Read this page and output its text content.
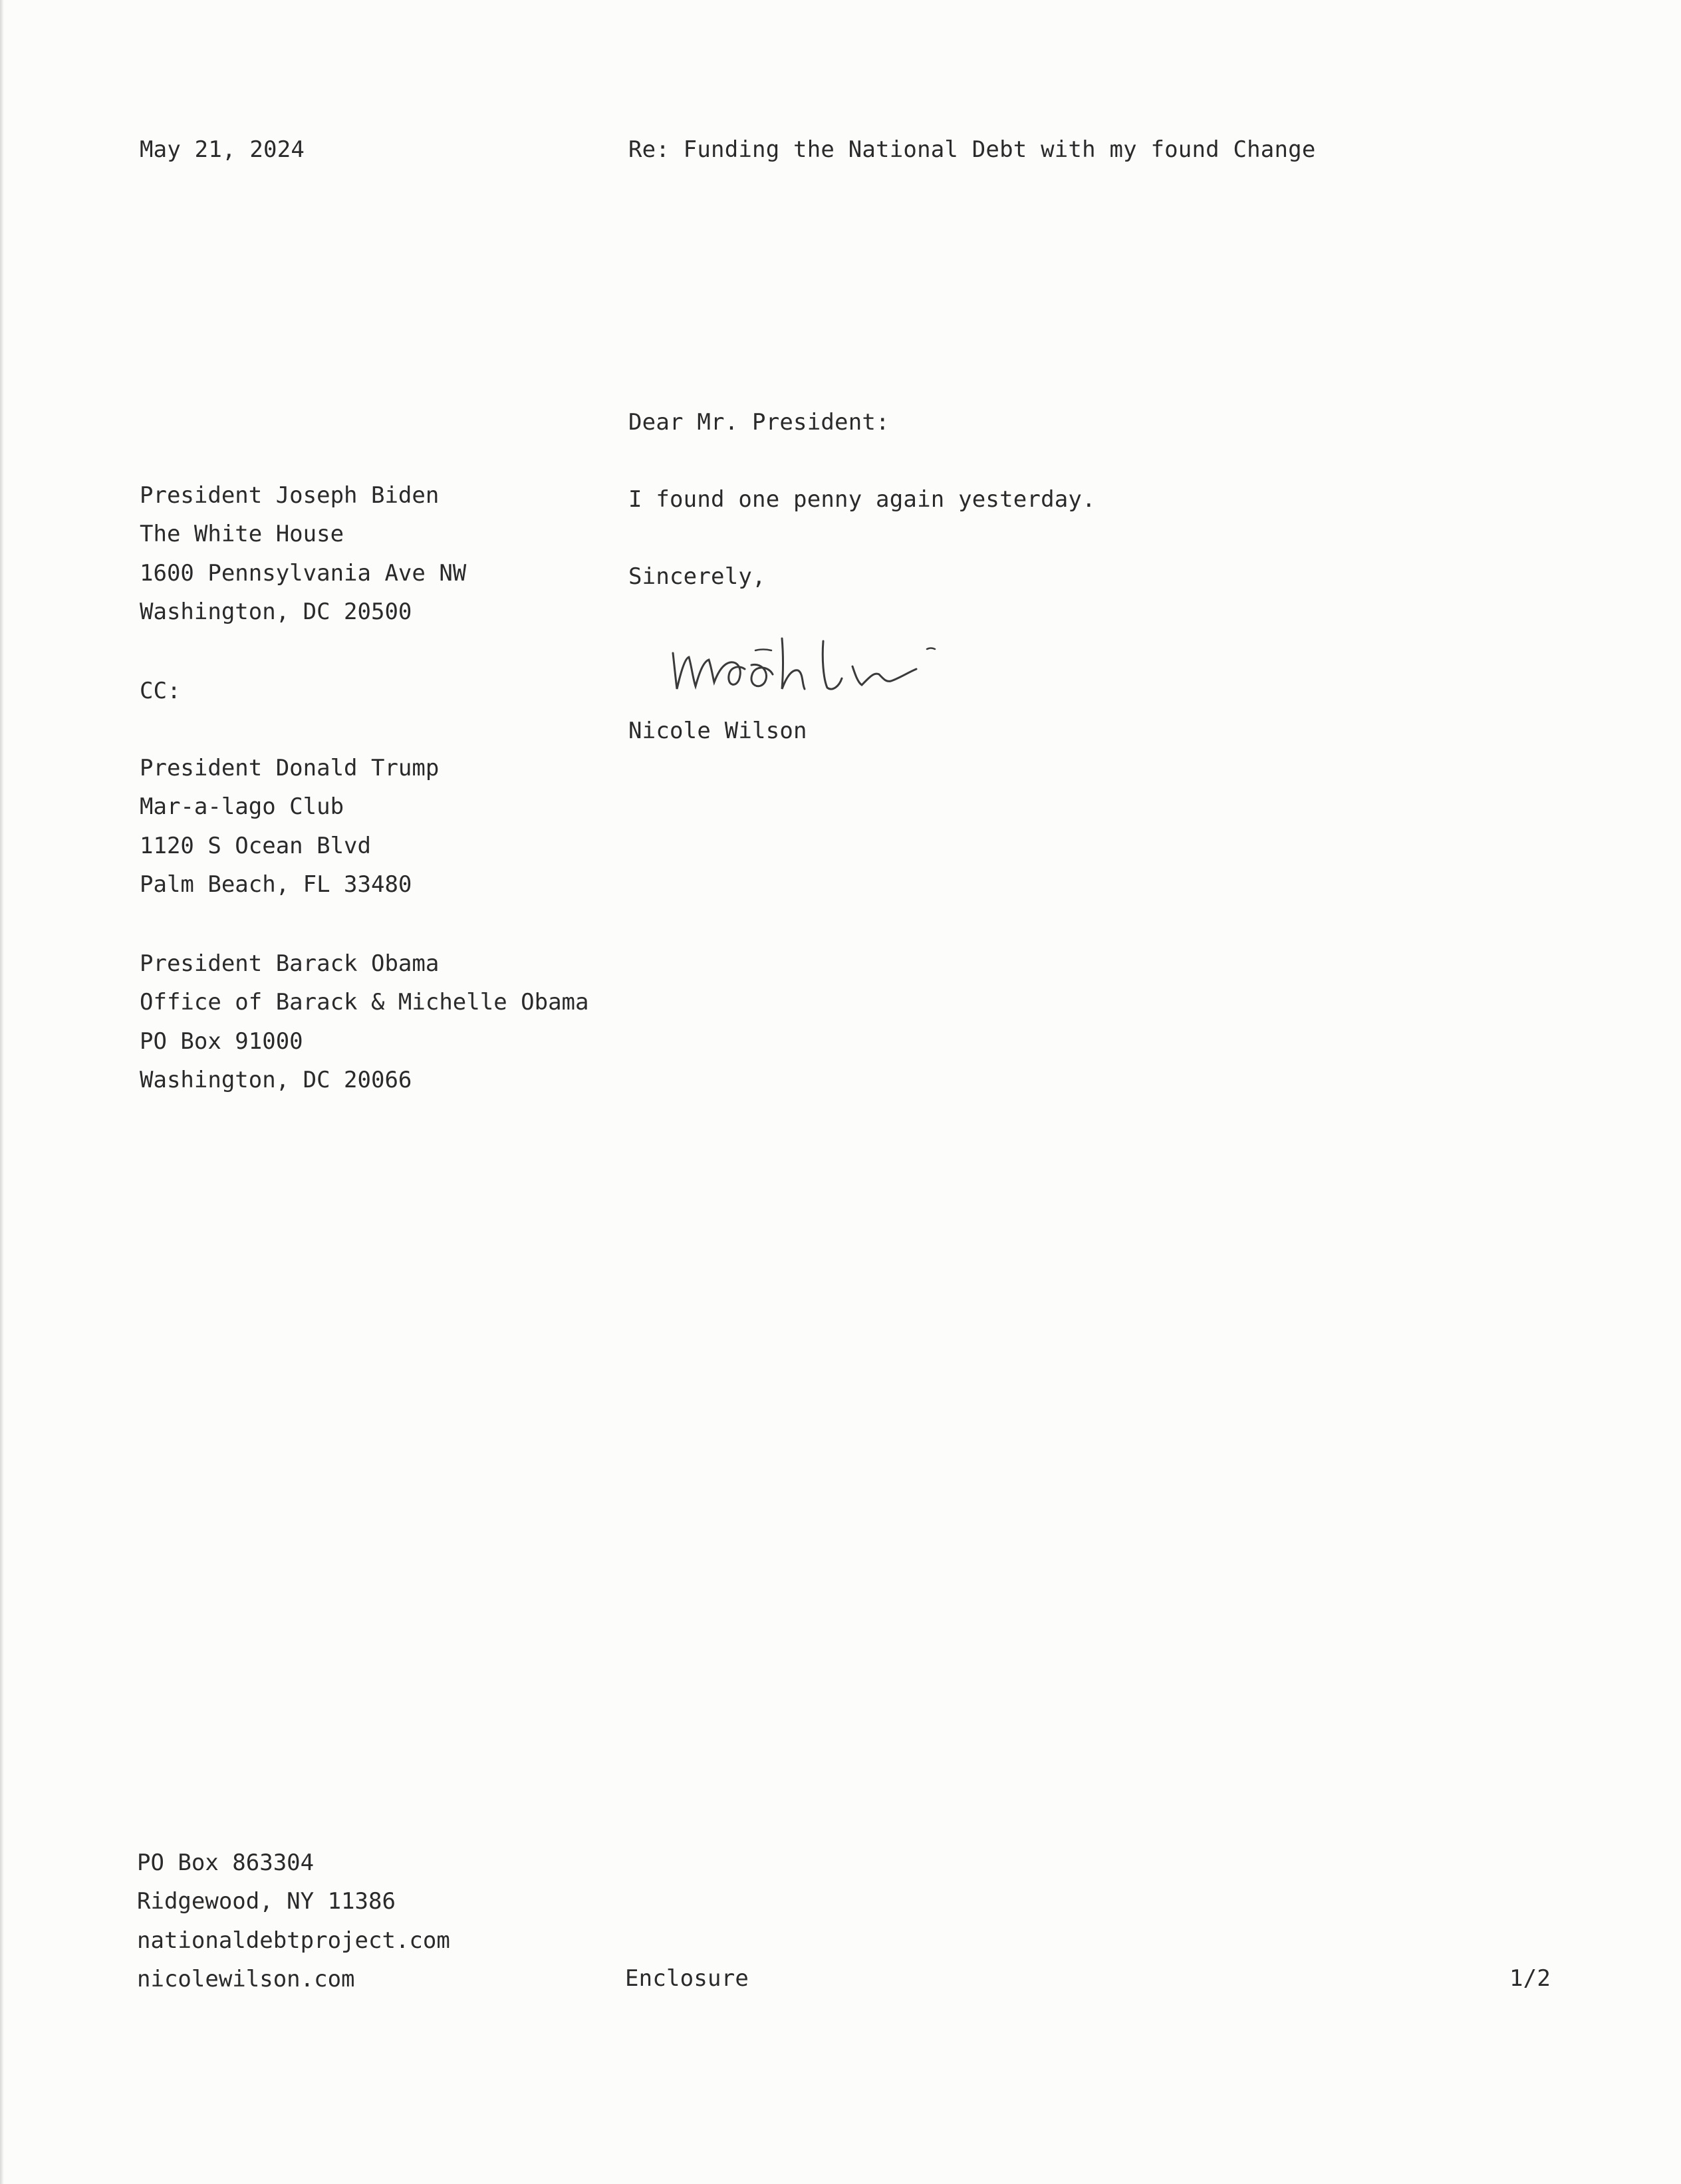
May 21, 2024	Re: Funding the National Debt with my found Change
Dear Mr. President:
I found one penny again yesterday.
Sincerely,
Nicole Wilson
President Joseph Biden
The White House
1600 Pennsylvania Ave NW
Washington, DC 20500
CC:
President Donald Trump
Mar-a-lago Club
1120 S Ocean Blvd
Palm Beach, FL 33480
President Barack Obama
Office of Barack & Michelle Obama
PO Box 91000
Washington, DC 20066
PO Box 863304
Ridgewood, NY 11386
nationaldebtproject.com
nicolewilson.com	Enclosure	1/2
